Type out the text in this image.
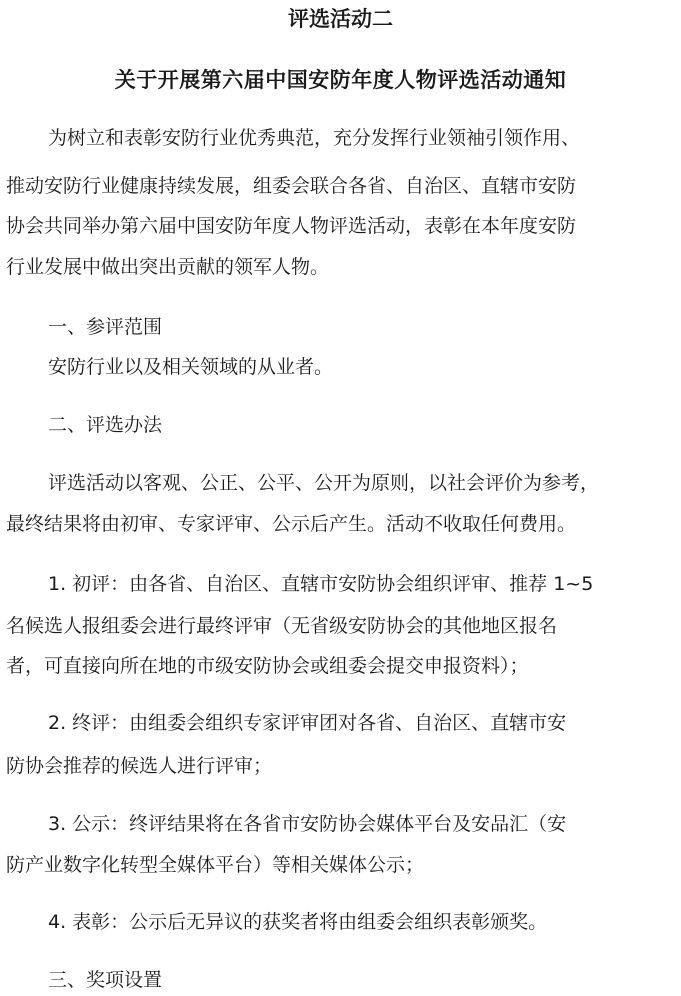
评选活动二
关于开展第六届中国安防年度人物评选活动通知

为树立和表彰安防行业优秀典范，充分发挥行业领袖引领作用、

推动安防行业健康持续发展，组委会联合各省、自治区、直辖市安防

协会共同举办第六届中国安防年度人物评选活动，表彰在本年度安防

行业发展中做出突出贡献的领军人物。

一、参评范围

安防行业以及相关领域的从业者。

二、评选办法

评选活动以客观、公正、公平、公开为原则，以社会评价为参考，

最终结果将由初审、专家评审、公示后产生。活动不收取任何费用。

1. 初评：由各省、自治区、直辖市安防协会组织评审、推荐 1~5

名候选人报组委会进行最终评审（无省级安防协会的其他地区报名

者，可直接向所在地的市级安防协会或组委会提交申报资料）；

2. 终评：由组委会组织专家评审团对各省、自治区、直辖市安

防协会推荐的候选人进行评审；

3. 公示：终评结果将在各省市安防协会媒体平台及安品汇（安

防产业数字化转型全媒体平台）等相关媒体公示；

4. 表彰：公示后无异议的获奖者将由组委会组织表彰颁奖。

三、奖项设置
